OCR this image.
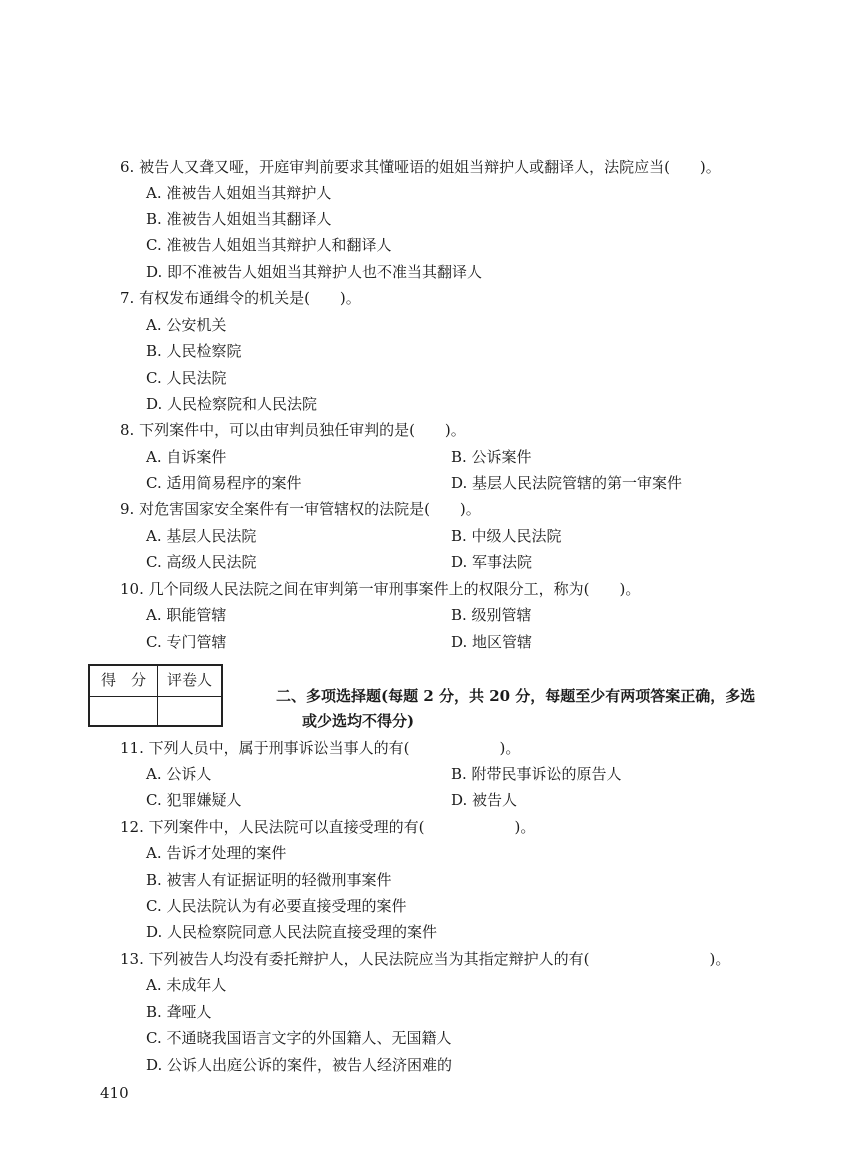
6. 被告人又聋又哑，开庭审判前要求其懂哑语的姐姐当辩护人或翻译人，法院应当(　　)。
A. 准被告人姐姐当其辩护人
B. 准被告人姐姐当其翻译人
C. 准被告人姐姐当其辩护人和翻译人
D. 即不准被告人姐姐当其辩护人也不准当其翻译人
7. 有权发布通缉令的机关是(　　)。
A. 公安机关
B. 人民检察院
C. 人民法院
D. 人民检察院和人民法院
8. 下列案件中，可以由审判员独任审判的是(　　)。
A. 自诉案件	B. 公诉案件
C. 适用简易程序的案件	D. 基层人民法院管辖的第一审案件
9. 对危害国家安全案件有一审管辖权的法院是(　　)。
A. 基层人民法院	B. 中级人民法院
C. 高级人民法院	D. 军事法院
10. 几个同级人民法院之间在审判第一审刑事案件上的权限分工，称为(　　)。
A. 职能管辖	B. 级别管辖
C. 专门管辖	D. 地区管辖
得　分	评卷人
二、多项选择题(每题 2 分，共 20 分，每题至少有两项答案正确，多选
或少选均不得分)
11. 下列人员中，属于刑事诉讼当事人的有(　　　　　　)。
A. 公诉人	B. 附带民事诉讼的原告人
C. 犯罪嫌疑人	D. 被告人
12. 下列案件中，人民法院可以直接受理的有(　　　　　　)。
A. 告诉才处理的案件
B. 被害人有证据证明的轻微刑事案件
C. 人民法院认为有必要直接受理的案件
D. 人民检察院同意人民法院直接受理的案件
13. 下列被告人均没有委托辩护人，人民法院应当为其指定辩护人的有(　　　　　　　　)。
A. 未成年人
B. 聋哑人
C. 不通晓我国语言文字的外国籍人、无国籍人
D. 公诉人出庭公诉的案件，被告人经济困难的
410
